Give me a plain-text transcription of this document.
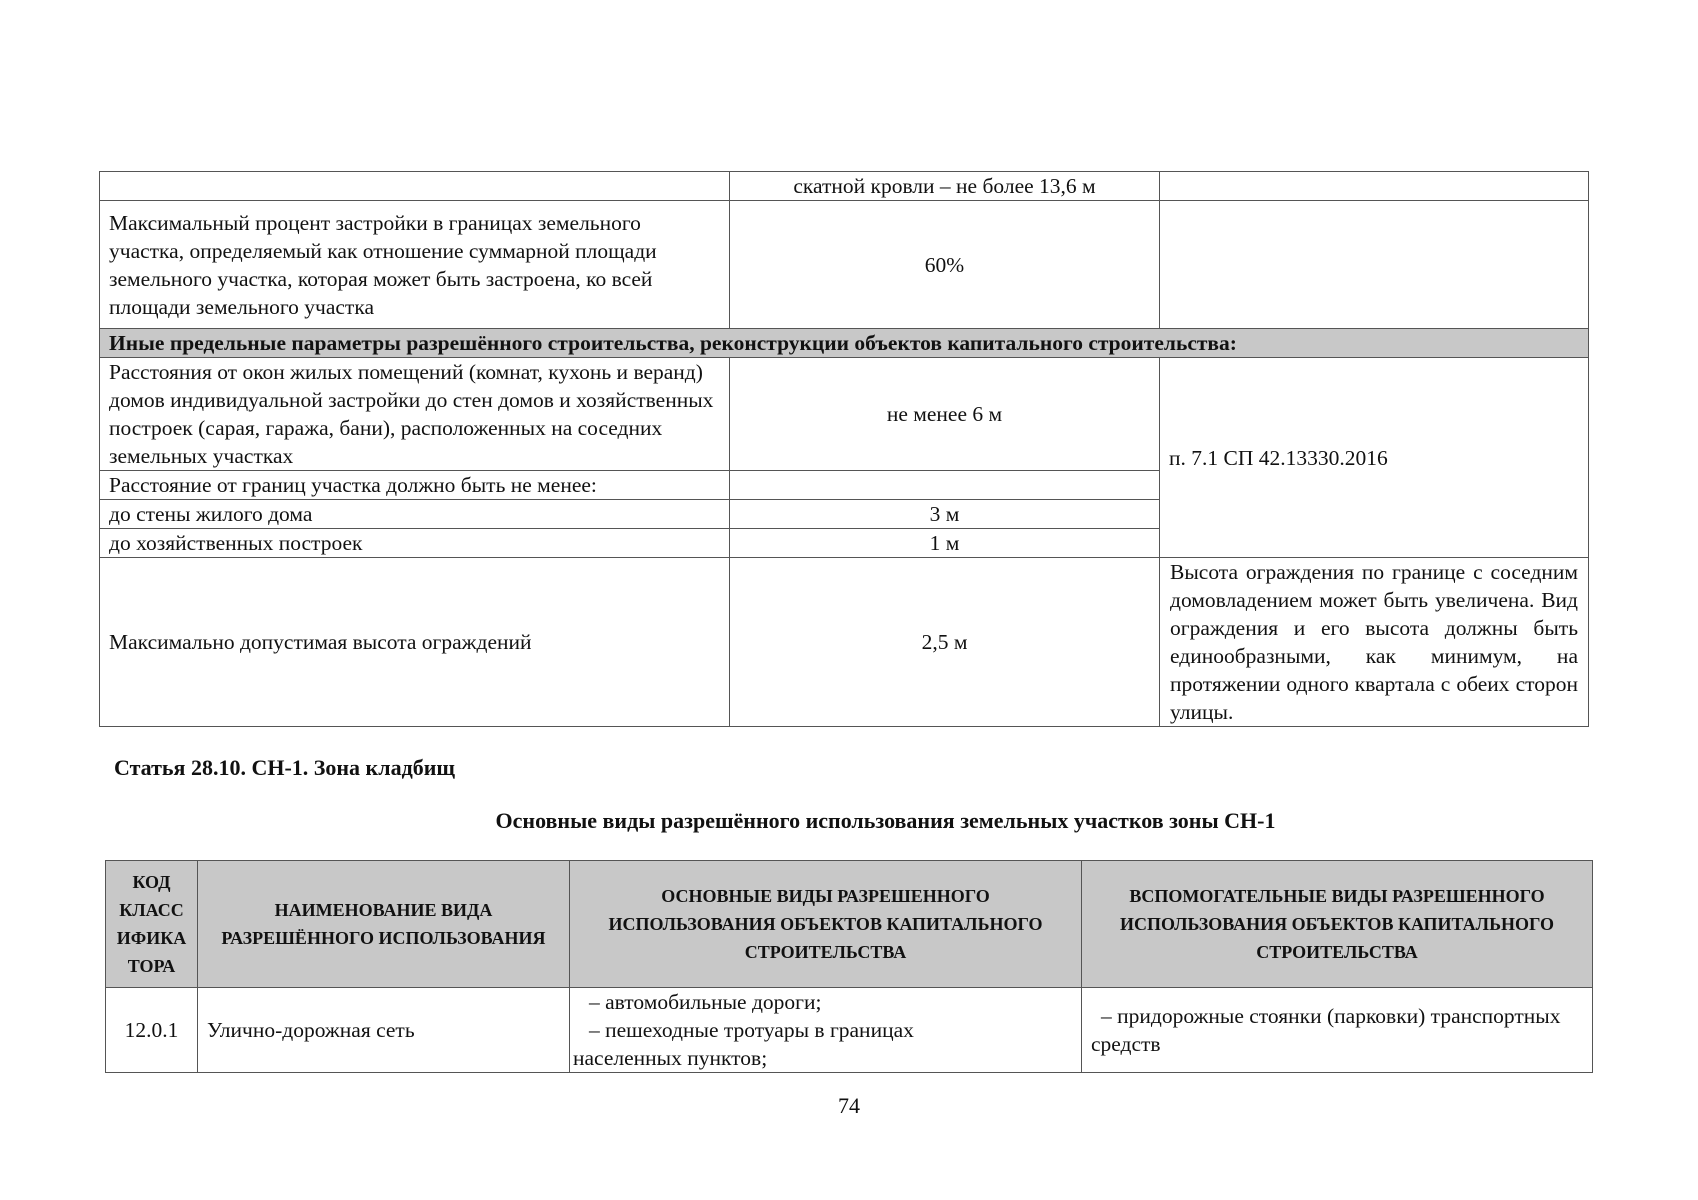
	скатной кровли – не более 13,6 м	
Максимальный процент застройки в границах земельного участка, определяемый как отношение суммарной площади земельного участка, которая может быть застроена, ко всей площади земельного участка	60%	
Иные предельные параметры разрешённого строительства, реконструкции объектов капитального строительства:		
Расстояния от окон жилых помещений (комнат, кухонь и веранд) домов индивидуальной застройки до стен домов и хозяйственных построек (сарая, гаража, бани), расположенных на соседних земельных участках	не менее 6 м	п. 7.1 СП 42.13330.2016
Расстояние от границ участка должно быть не менее:		
до стены жилого дома	3 м	
до хозяйственных построек	1 м	
Максимально допустимая высота ограждений	2,5 м	Высота ограждения по границе с соседним домовладением может быть увеличена. Вид ограждения и его высота должны быть единообразными, как минимум, на протяжении одного квартала с обеих сторон улицы.
Статья 28.10. СН-1. Зона кладбищ
Основные виды разрешённого использования земельных участков зоны СН-1
КОД КЛАСС ИФИКА ТОРА	НАИМЕНОВАНИЕ ВИДА РАЗРЕШЁННОГО ИСПОЛЬЗОВАНИЯ	ОСНОВНЫЕ ВИДЫ РАЗРЕШЕННОГО ИСПОЛЬЗОВАНИЯ ОБЪЕКТОВ КАПИТАЛЬНОГО СТРОИТЕЛЬСТВА	ВСПОМОГАТЕЛЬНЫЕ ВИДЫ РАЗРЕШЕННОГО ИСПОЛЬЗОВАНИЯ ОБЪЕКТОВ КАПИТАЛЬНОГО СТРОИТЕЛЬСТВА
12.0.1	Улично-дорожная сеть	– автомобильные дороги;
– пешеходные тротуары в границах
населенных пунктов;	– придорожные стоянки (парковки) транспортных средств
74
